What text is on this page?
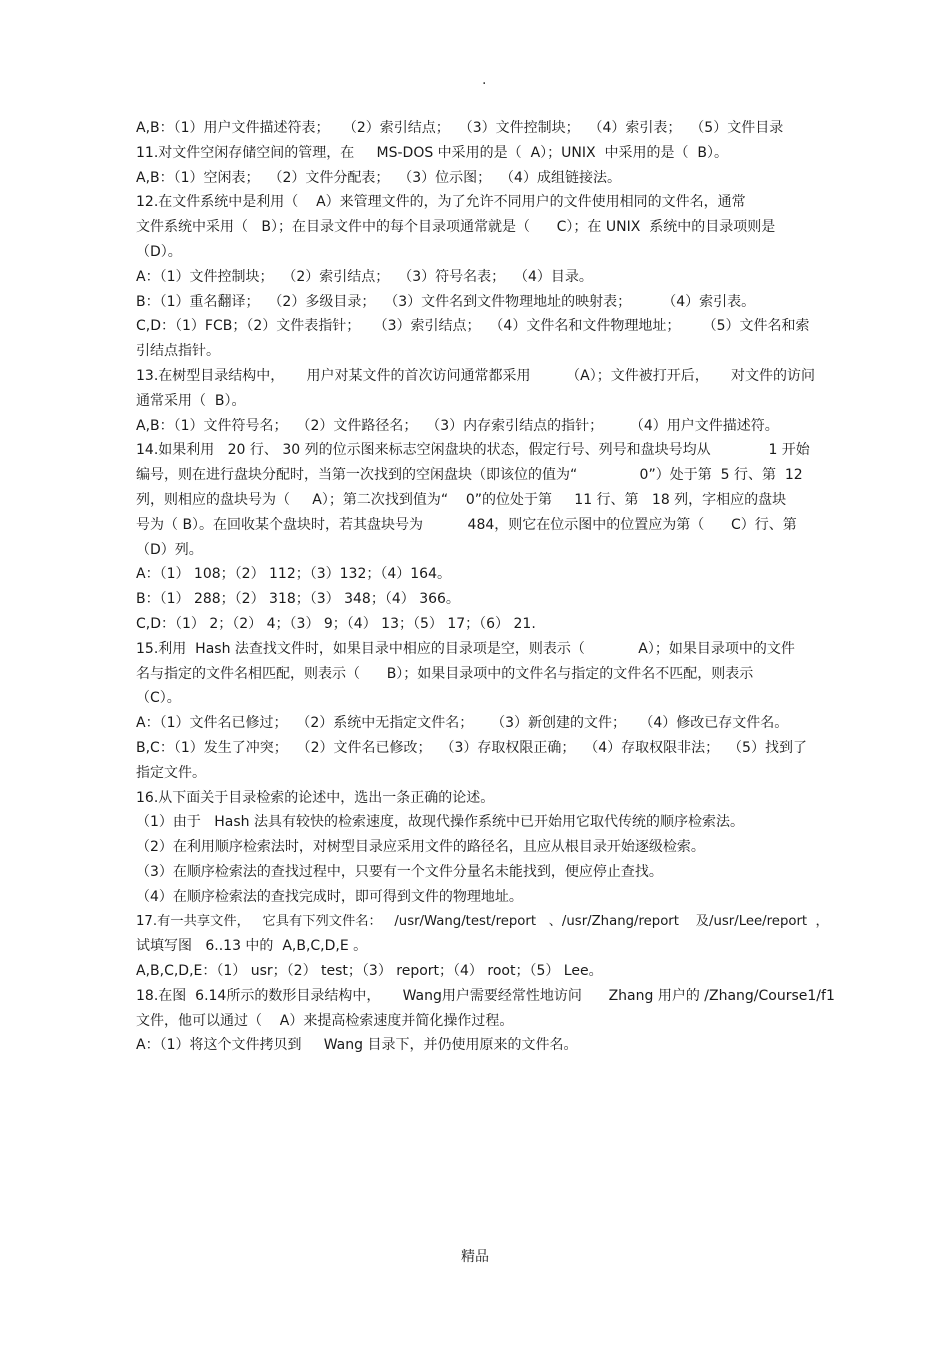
.
A,B：（1）用户文件描述符表；   （2）索引结点；  （3）文件控制块；  （4）索引表；  （5）文件目录
11.对文件空闲存储空间的管理，在     MS-DOS 中采用的是（  A）；UNIX  中采用的是（  B）。
A,B：（1）空闲表；  （2）文件分配表；  （3）位示图；  （4）成组链接法。
12.在文件系统中是利用（    A）来管理文件的，为了允许不同用户的文件使用相同的文件名，通常
文件系统中采用（   B）；在目录文件中的每个目录项通常就是（      C）；在 UNIX  系统中的目录项则是
（D）。
A：（1）文件控制块；  （2）索引结点；  （3）符号名表；  （4）目录。
B：（1）重名翻译；  （2）多级目录；  （3）文件名到文件物理地址的映射表；       （4）索引表。
C,D：（1）FCB；（2）文件表指针；   （3）索引结点；  （4）文件名和文件物理地址；     （5）文件名和索
引结点指针。
13.在树型目录结构中，     用户对某文件的首次访问通常都采用        （A）；文件被打开后，     对文件的访问
通常采用（  B）。
A,B：（1）文件符号名；  （2）文件路径名；  （3）内存索引结点的指针；      （4）用户文件描述符。
14.如果利用   20 行、 30 列的位示图来标志空闲盘块的状态，假定行号、列号和盘块号均从             1 开始
编号，则在进行盘块分配时，当第一次找到的空闲盘块（即该位的值为“              0”）处于第  5 行、第  12
列，则相应的盘块号为（     A）；第二次找到值为“    0”的位处于第     11 行、第   18 列，字相应的盘块
号为（ B）。在回收某个盘块时，若其盘块号为          484，则它在位示图中的位置应为第（      C）行、第
（D）列。
A：（1） 108；（2） 112；（3）132；（4）164。
B：（1） 288；（2） 318；（3） 348；（4） 366。
C,D：（1） 2；（2） 4；（3） 9；（4） 13；（5） 17；（6） 21.
15.利用  Hash 法查找文件时，如果目录中相应的目录项是空，则表示（            A）；如果目录项中的文件
名与指定的文件名相匹配，则表示（      B）；如果目录项中的文件名与指定的文件名不匹配，则表示
（C）。
A：（1）文件名已修过；  （2）系统中无指定文件名；    （3）新创建的文件；   （4）修改已存文件名。
B,C：（1）发生了冲突；  （2）文件名已修改；  （3）存取权限正确；  （4）存取权限非法；  （5）找到了
指定文件。
16.从下面关于目录检索的论述中，选出一条正确的论述。
（1）由于   Hash 法具有较快的检索速度，故现代操作系统中已开始用它取代传统的顺序检索法。
（2）在利用顺序检索法时，对树型目录应采用文件的路径名，且应从根目录开始逐级检索。
（3）在顺序检索法的查找过程中，只要有一个文件分量名未能找到，便应停止查找。
（4）在顺序检索法的查找完成时，即可得到文件的物理地址。
17.有一共享文件，   它具有下列文件名：   /usr/Wang/test/report   、/usr/Zhang/report    及/usr/Lee/report  ，
试填写图   6..13 中的  A,B,C,D,E 。
A,B,C,D,E：（1） usr；（2） test；（3） report；（4） root；（5） Lee。
18.在图  6.14所示的数形目录结构中，     Wang用户需要经常性地访问      Zhang 用户的 /Zhang/Course1/f1
文件，他可以通过（    A）来提高检索速度并简化操作过程。
A：（1）将这个文件拷贝到     Wang 目录下，并仍使用原来的文件名。
精品
